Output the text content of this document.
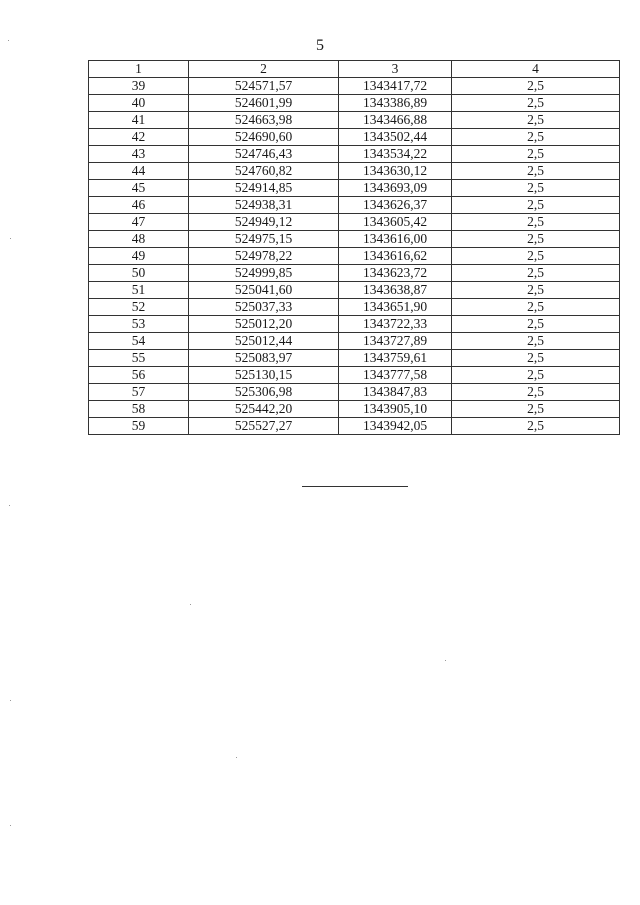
5
1	2	3	4
39	524571,57	1343417,72	2,5
40	524601,99	1343386,89	2,5
41	524663,98	1343466,88	2,5
42	524690,60	1343502,44	2,5
43	524746,43	1343534,22	2,5
44	524760,82	1343630,12	2,5
45	524914,85	1343693,09	2,5
46	524938,31	1343626,37	2,5
47	524949,12	1343605,42	2,5
48	524975,15	1343616,00	2,5
49	524978,22	1343616,62	2,5
50	524999,85	1343623,72	2,5
51	525041,60	1343638,87	2,5
52	525037,33	1343651,90	2,5
53	525012,20	1343722,33	2,5
54	525012,44	1343727,89	2,5
55	525083,97	1343759,61	2,5
56	525130,15	1343777,58	2,5
57	525306,98	1343847,83	2,5
58	525442,20	1343905,10	2,5
59	525527,27	1343942,05	2,5
